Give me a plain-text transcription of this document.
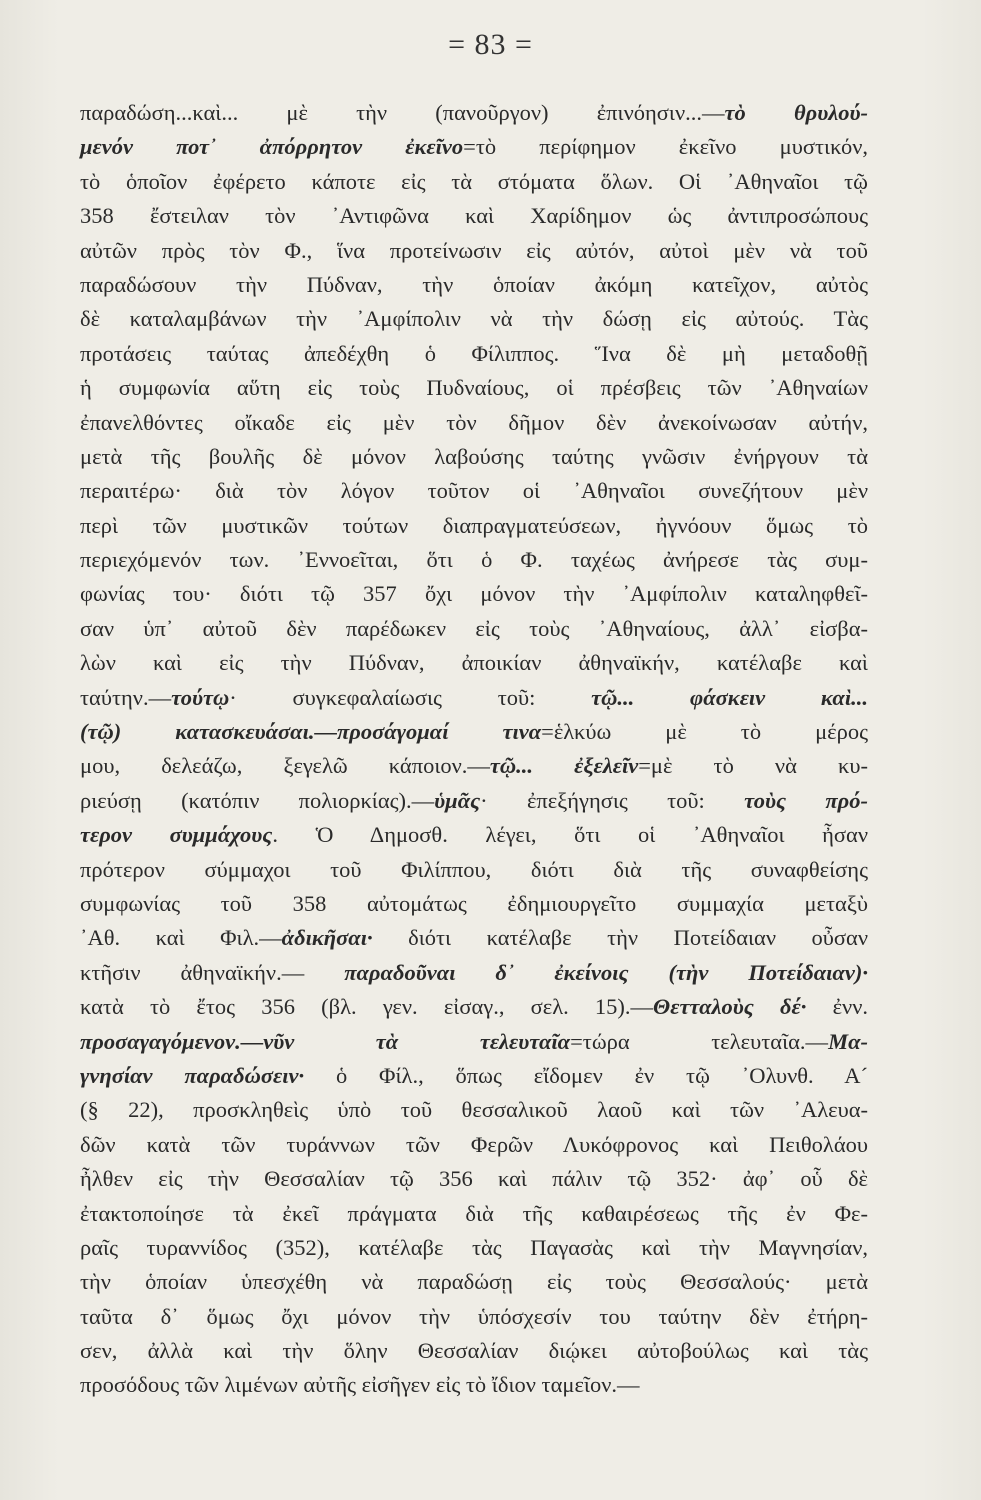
= 83 =
παραδώση...καὶ... μὲ τὴν (πανοῦργον) ἐπινόησιν...—τὸ θρυλού-
μενόν ποτ᾽ ἀπόρρητον ἐκεῖνο=τὸ περίφημον ἐκεῖνο μυστικόν,
τὸ ὁποῖον ἐφέρετο κάποτε εἰς τὰ στόματα ὅλων. Οἱ ᾽Αθηναῖοι τῷ
358 ἔστειλαν τὸν ᾽Αντιφῶνα καὶ Χαρίδημον ὡς ἀντιπροσώπους
αὐτῶν πρὸς τὸν Φ., ἵνα προτείνωσιν εἰς αὐτόν, αὐτοὶ μὲν νὰ τοῦ
παραδώσουν τὴν Πύδναν, τὴν ὁποίαν ἀκόμη κατεῖχον, αὐτὸς
δὲ καταλαμβάνων τὴν ᾽Αμφίπολιν νὰ τὴν δώσῃ εἰς αὐτούς. Τὰς
προτάσεις ταύτας ἀπεδέχθη ὁ Φίλιππος. Ἵνα δὲ μὴ μεταδοθῇ
ἡ συμφωνία αὕτη εἰς τοὺς Πυδναίους, οἱ πρέσβεις τῶν ᾽Αθηναίων
ἐπανελθόντες οἴκαδε εἰς μὲν τὸν δῆμον δὲν ἀνεκοίνωσαν αὐτήν,
μετὰ τῆς βουλῆς δὲ μόνον λαβούσης ταύτης γνῶσιν ἐνήργουν τὰ
περαιτέρω· διὰ τὸν λόγον τοῦτον οἱ ᾽Αθηναῖοι συνεζήτουν μὲν
περὶ τῶν μυστικῶν τούτων διαπραγματεύσεων, ἠγνόουν ὅμως τὸ
περιεχόμενόν των. ᾽Εννοεῖται, ὅτι ὁ Φ. ταχέως ἀνήρεσε τὰς συμ-
φωνίας του· διότι τῷ 357 ὄχι μόνον τὴν ᾽Αμφίπολιν καταληφθεῖ-
σαν ὑπ᾽ αὐτοῦ δὲν παρέδωκεν εἰς τοὺς ᾽Αθηναίους, ἀλλ᾽ εἰσβα-
λὼν καὶ εἰς τὴν Πύδναν, ἀποικίαν ἀθηναϊκήν, κατέλαβε καὶ
ταύτην.—τούτῳ· συγκεφαλαίωσις τοῦ: τῷ... φάσκειν καὶ...
(τῷ) κατασκευάσαι.—προσάγομαί τινα=ἑλκύω μὲ τὸ μέρος
μου, δελεάζω, ξεγελῶ κάποιον.—τῷ... ἐξελεῖν=μὲ τὸ νὰ κυ-
ριεύσῃ (κατόπιν πολιορκίας).—ὑμᾶς· ἐπεξήγησις τοῦ: τοὺς πρό-
τερον συμμάχους. Ὁ Δημοσθ. λέγει, ὅτι οἱ ᾽Αθηναῖοι ἦσαν
πρότερον σύμμαχοι τοῦ Φιλίππου, διότι διὰ τῆς συναφθείσης
συμφωνίας τοῦ 358 αὐτομάτως ἐδημιουργεῖτο συμμαχία μεταξὺ
᾽Αθ. καὶ Φιλ.—ἀδικῆσαι· διότι κατέλαβε τὴν Ποτείδαιαν οὖσαν
κτῆσιν ἀθηναϊκήν.— παραδοῦναι δ᾽ ἐκείνοις (τὴν Ποτείδαιαν)·
κατὰ τὸ ἔτος 356 (βλ. γεν. εἰσαγ., σελ. 15).—Θετταλοὺς δέ· ἐνν.
προσαγαγόμενον.—νῦν τὰ τελευταῖα=τώρα τελευταῖα.—Μα-
γνησίαν παραδώσειν· ὁ Φίλ., ὅπως εἴδομεν ἐν τῷ ᾽Ολυνθ. Α´
(§ 22), προσκληθεὶς ὑπὸ τοῦ θεσσαλικοῦ λαοῦ καὶ τῶν ᾽Αλευα-
δῶν κατὰ τῶν τυράννων τῶν Φερῶν Λυκόφρονος καὶ Πειθολάου
ἦλθεν εἰς τὴν Θεσσαλίαν τῷ 356 καὶ πάλιν τῷ 352· ἀφ᾽ οὗ δὲ
ἐτακτοποίησε τὰ ἐκεῖ πράγματα διὰ τῆς καθαιρέσεως τῆς ἐν Φε-
ραῖς τυραννίδος (352), κατέλαβε τὰς Παγασὰς καὶ τὴν Μαγνησίαν,
τὴν ὁποίαν ὑπεσχέθη νὰ παραδώσῃ εἰς τοὺς Θεσσαλούς· μετὰ
ταῦτα δ᾽ ὅμως ὄχι μόνον τὴν ὑπόσχεσίν του ταύτην δὲν ἐτήρη-
σεν, ἀλλὰ καὶ τὴν ὅλην Θεσσαλίαν διῴκει αὐτοβούλως καὶ τὰς
προσόδους τῶν λιμένων αὐτῆς εἰσῆγεν εἰς τὸ ἴδιον ταμεῖον.—
